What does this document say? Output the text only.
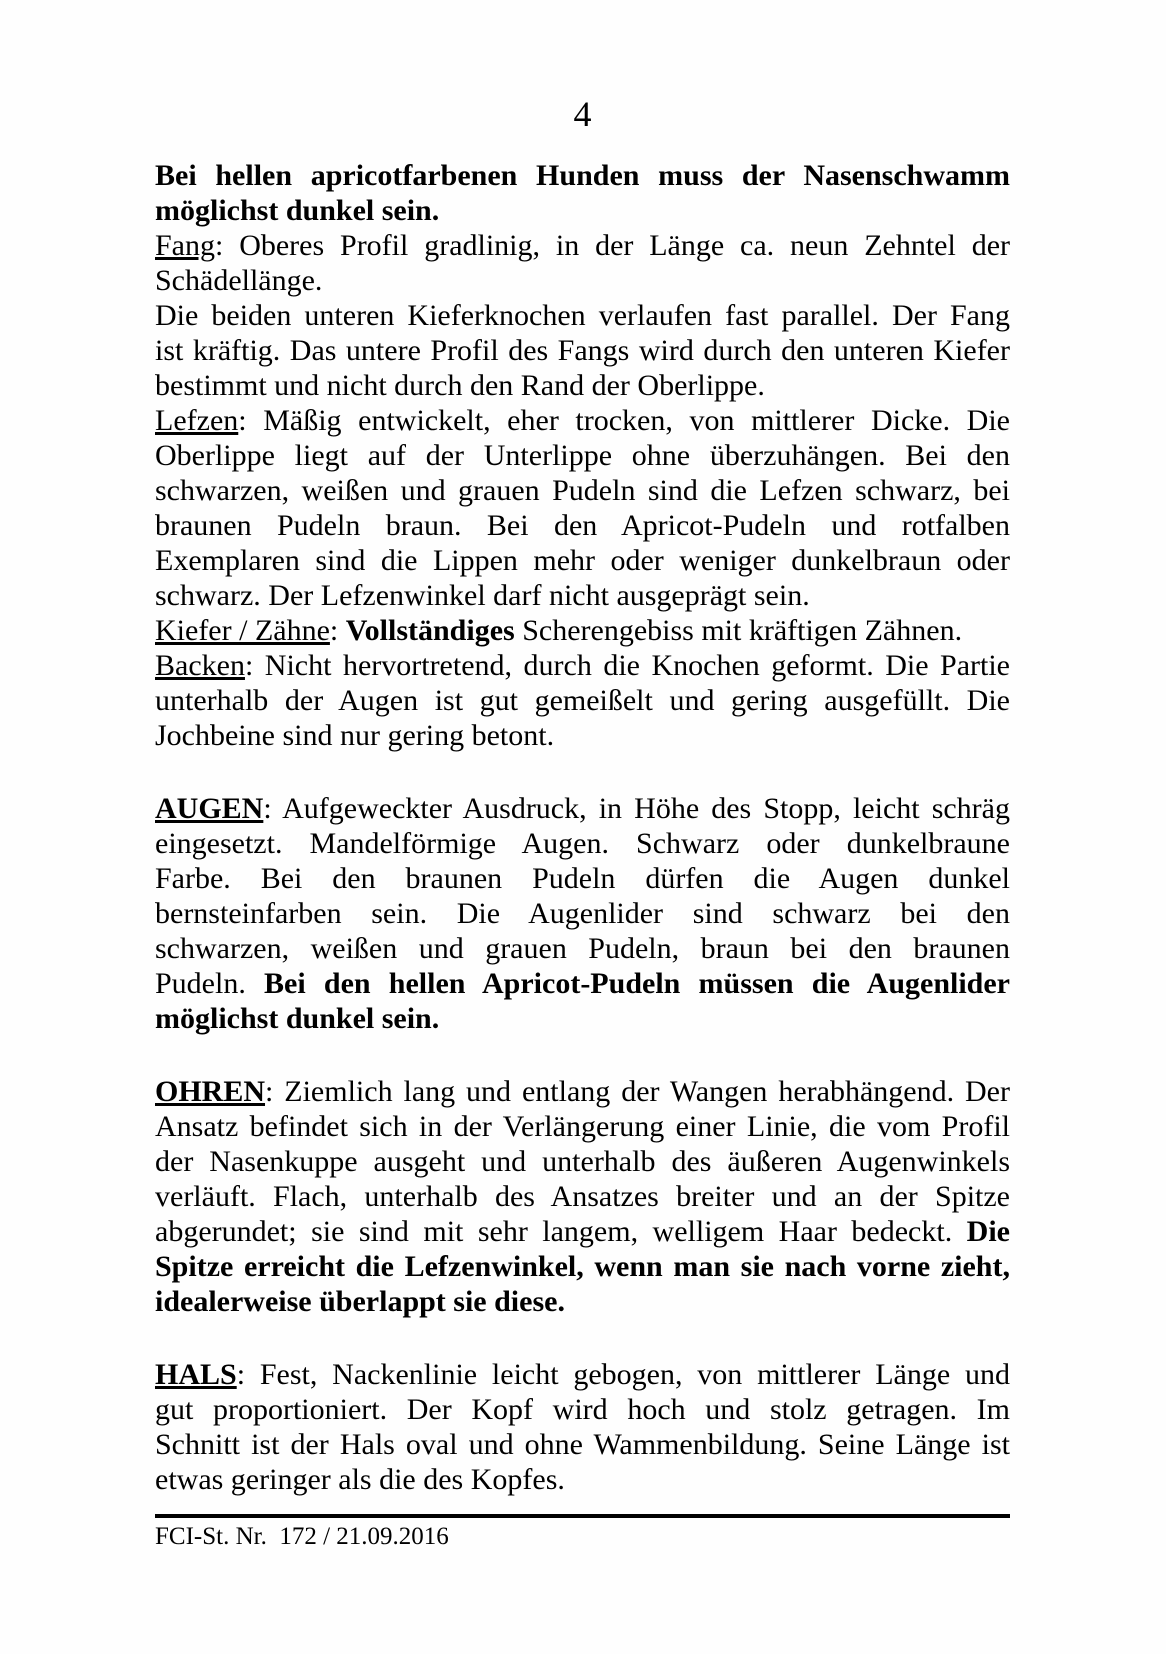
4
Bei hellen apricotfarbenen Hunden muss der Nasenschwamm
möglichst dunkel sein.
Fang: Oberes Profil gradlinig, in der Länge ca. neun Zehntel der
Schädellänge.
Die beiden unteren Kieferknochen verlaufen fast parallel. Der Fang
ist kräftig. Das untere Profil des Fangs wird durch den unteren Kiefer
bestimmt und nicht durch den Rand der Oberlippe.
Lefzen: Mäßig entwickelt, eher trocken, von mittlerer Dicke. Die
Oberlippe liegt auf der Unterlippe ohne überzuhängen. Bei den
schwarzen, weißen und grauen Pudeln sind die Lefzen schwarz, bei
braunen Pudeln braun. Bei den Apricot-Pudeln und rotfalben
Exemplaren sind die Lippen mehr oder weniger dunkelbraun oder
schwarz. Der Lefzenwinkel darf nicht ausgeprägt sein.
Kiefer / Zähne: Vollständiges Scherengebiss mit kräftigen Zähnen.
Backen: Nicht hervortretend, durch die Knochen geformt. Die Partie
unterhalb der Augen ist gut gemeißelt und gering ausgefüllt. Die
Jochbeine sind nur gering betont.
AUGEN: Aufgeweckter Ausdruck, in Höhe des Stopp, leicht schräg
eingesetzt. Mandelförmige Augen. Schwarz oder dunkelbraune
Farbe. Bei den braunen Pudeln dürfen die Augen dunkel
bernsteinfarben sein. Die Augenlider sind schwarz bei den
schwarzen, weißen und grauen Pudeln, braun bei den braunen
Pudeln. Bei den hellen Apricot-Pudeln müssen die Augenlider
möglichst dunkel sein.
OHREN: Ziemlich lang und entlang der Wangen herabhängend. Der
Ansatz befindet sich in der Verlängerung einer Linie, die vom Profil
der Nasenkuppe ausgeht und unterhalb des äußeren Augenwinkels
verläuft. Flach, unterhalb des Ansatzes breiter und an der Spitze
abgerundet; sie sind mit sehr langem, welligem Haar bedeckt. Die
Spitze erreicht die Lefzenwinkel, wenn man sie nach vorne zieht,
idealerweise überlappt sie diese.
HALS: Fest, Nackenlinie leicht gebogen, von mittlerer Länge und
gut proportioniert. Der Kopf wird hoch und stolz getragen. Im
Schnitt ist der Hals oval und ohne Wammenbildung. Seine Länge ist
etwas geringer als die des Kopfes.
FCI-St. Nr.  172 / 21.09.2016
